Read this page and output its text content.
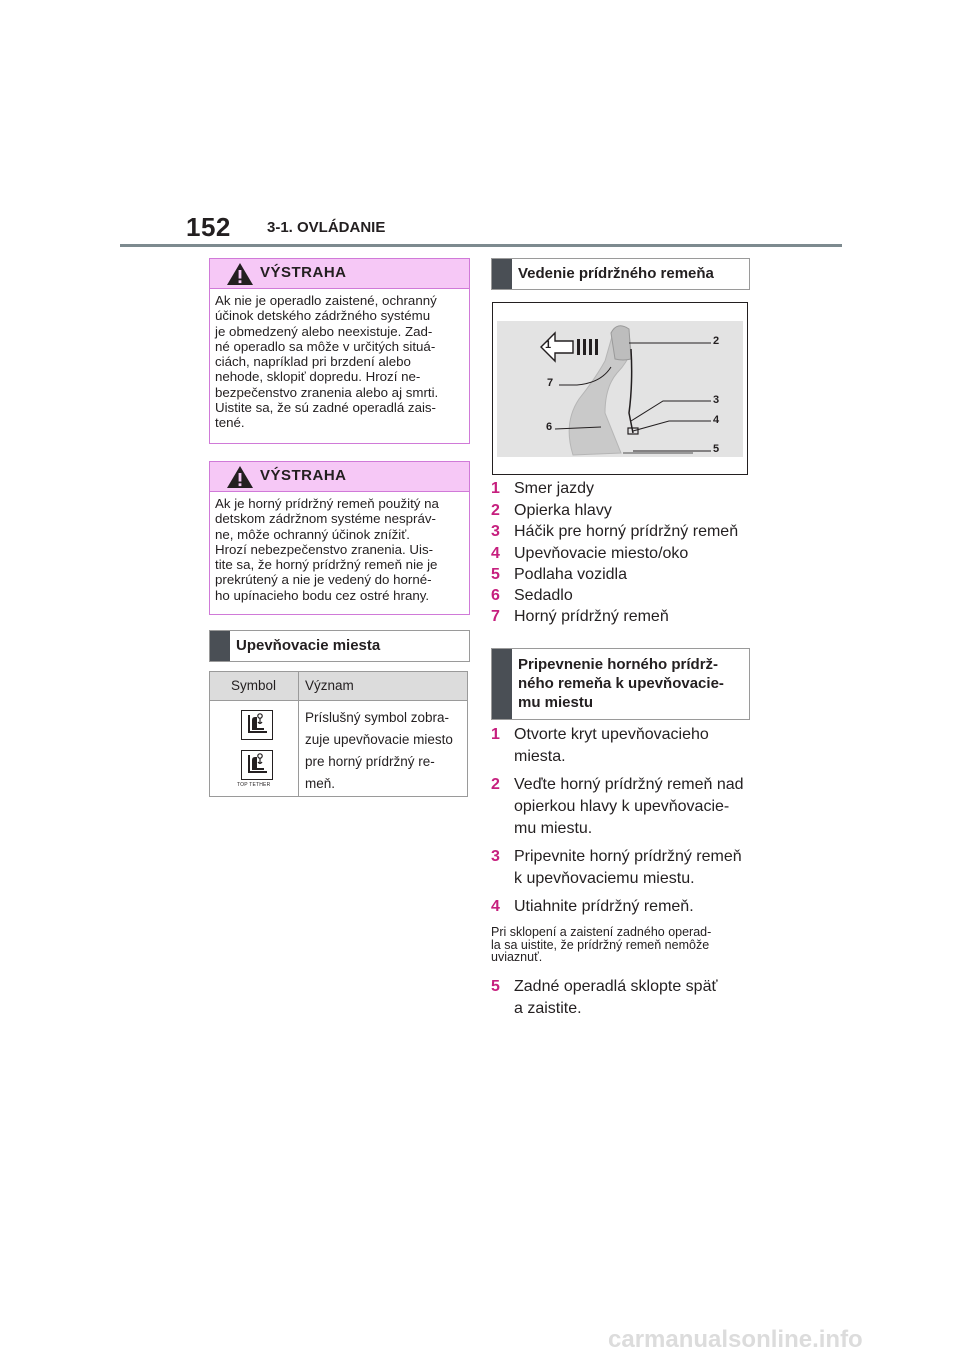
152 3-1. OVLÁDANIE
VÝSTRAHA
Ak nie je operadlo zaistené, ochranný
účinok detského zádržného systému
je obmedzený alebo neexistuje. Zad-
né operadlo sa môže v určitých situá-
ciách, napríklad pri brzdení alebo
nehode, sklopiť dopredu. Hrozí ne-
bezpečenstvo zranenia alebo aj smrti.
Uistite sa, že sú zadné operadlá zais-
tené.
VÝSTRAHA
Ak je horný prídržný remeň použitý na
detskom zádržnom systéme nespráv-
ne, môže ochranný účinok znížiť.
Hrozí nebezpečenstvo zranenia. Uis-
tite sa, že horný prídržný remeň nie je
prekrútený a nie je vedený do horné-
ho upínacieho bodu cez ostré hrany.
Upevňovacie miesta
Symbol Význam
TOP TETHER
Príslušný symbol zobra-
zuje upevňovacie miesto
pre horný prídržný re-
meň.
Vedenie prídržného remeňa
1	2
7
3
4
6
5
1 Smer jazdy
2 Opierka hlavy
3 Háčik pre horný prídržný remeň
4 Upevňovacie miesto/oko
5 Podlaha vozidla
6 Sedadlo
7 Horný prídržný remeň
Pripevnenie horného prídrž-
ného remeňa k upevňovacie-
mu miestu
1 Otvorte kryt upevňovacieho
miesta.
2 Veďte horný prídržný remeň nad
opierkou hlavy k upevňovacie-
mu miestu.
3 Pripevnite horný prídržný remeň
k upevňovaciemu miestu.
4 Utiahnite prídržný remeň.
Pri sklopení a zaistení zadného operad-
la sa uistite, že prídržný remeň nemôže
uviaznuť.
5 Zadné operadlá sklopte späť
a zaistite.
carmanualsonline.info
